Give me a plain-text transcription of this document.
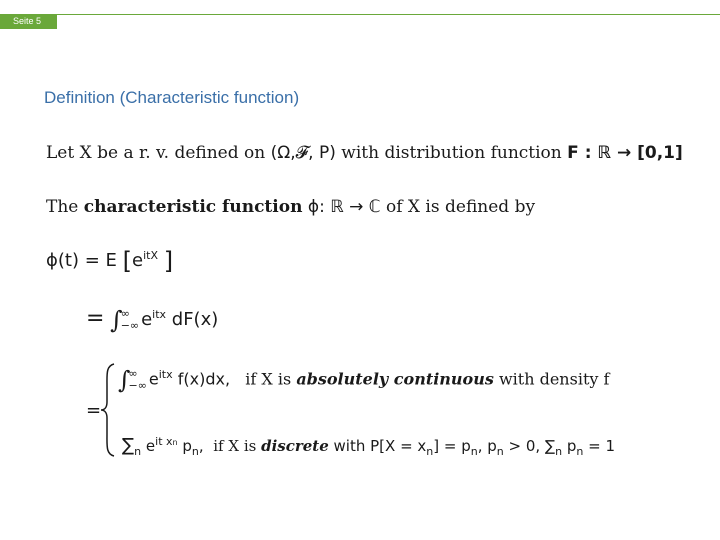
Seite 5
Definition (Characteristic function)
Let X be a r. v. defined on (Ω,𝓕, P) with distribution function F : ℝ → [0,1]
The characteristic function ϕ: ℝ → ℂ of X is defined by
ϕ(t) = E [$e^{itX}$ ]
= ∫
∞
−∞ $e^{itx}$ dF(x)
=
∫
∞
−∞ $e^{itx}$ f(x)dx, if X is absolutely continuous with density f
$\sum_n$ $e^{it xn}$ $p_n$, if X is discrete with $P[X = x_n] = p_n$, $p_n > 0$, $\sum_n$ $p_n = 1$
